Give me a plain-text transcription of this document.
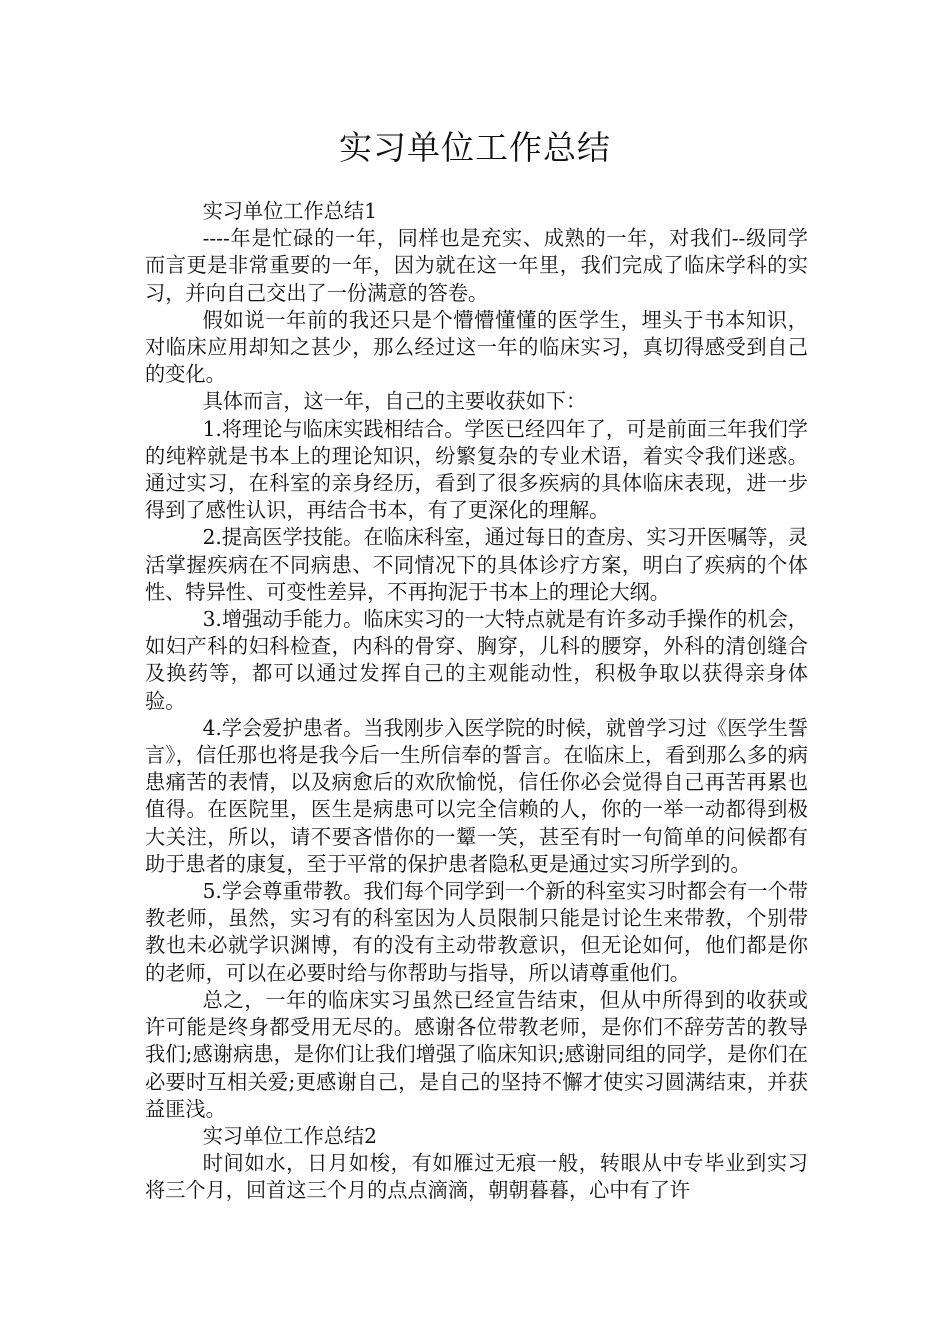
实习单位工作总结

实习单位工作总结1

----年是忙碌的一年，同样也是充实、成熟的一年，对我们--级同学而言更是非常重要的一年，因为就在这一年里，我们完成了临床学科的实习，并向自己交出了一份满意的答卷。

假如说一年前的我还只是个懵懵懂懂的医学生，埋头于书本知识，对临床应用却知之甚少，那么经过这一年的临床实习，真切得感受到自己的变化。

具体而言，这一年，自己的主要收获如下：

1.将理论与临床实践相结合。学医已经四年了，可是前面三年我们学的纯粹就是书本上的理论知识，纷繁复杂的专业术语，着实令我们迷惑。通过实习，在科室的亲身经历，看到了很多疾病的具体临床表现，进一步得到了感性认识，再结合书本，有了更深化的理解。

2.提高医学技能。在临床科室，通过每日的查房、实习开医嘱等，灵活掌握疾病在不同病患、不同情况下的具体诊疗方案，明白了疾病的个体性、特异性、可变性差异，不再拘泥于书本上的理论大纲。

3.增强动手能力。临床实习的一大特点就是有许多动手操作的机会，如妇产科的妇科检查，内科的骨穿、胸穿，儿科的腰穿，外科的清创缝合及换药等，都可以通过发挥自己的主观能动性，积极争取以获得亲身体验。

4.学会爱护患者。当我刚步入医学院的时候，就曾学习过《医学生誓言》，信任那也将是我今后一生所信奉的誓言。在临床上，看到那么多的病患痛苦的表情，以及病愈后的欢欣愉悦，信任你必会觉得自己再苦再累也值得。在医院里，医生是病患可以完全信赖的人，你的一举一动都得到极大关注，所以，请不要吝惜你的一颦一笑，甚至有时一句简单的问候都有助于患者的康复，至于平常的保护患者隐私更是通过实习所学到的。

5.学会尊重带教。我们每个同学到一个新的科室实习时都会有一个带教老师，虽然，实习有的科室因为人员限制只能是讨论生来带教，个别带教也未必就学识渊博，有的没有主动带教意识，但无论如何，他们都是你的老师，可以在必要时给与你帮助与指导，所以请尊重他们。

总之，一年的临床实习虽然已经宣告结束，但从中所得到的收获或许可能是终身都受用无尽的。感谢各位带教老师，是你们不辞劳苦的教导我们;感谢病患，是你们让我们增强了临床知识;感谢同组的同学，是你们在必要时互相关爱;更感谢自己，是自己的坚持不懈才使实习圆满结束，并获益匪浅。

实习单位工作总结2

时间如水，日月如梭，有如雁过无痕一般，转眼从中专毕业到实习将三个月，回首这三个月的点点滴滴，朝朝暮暮，心中有了许
